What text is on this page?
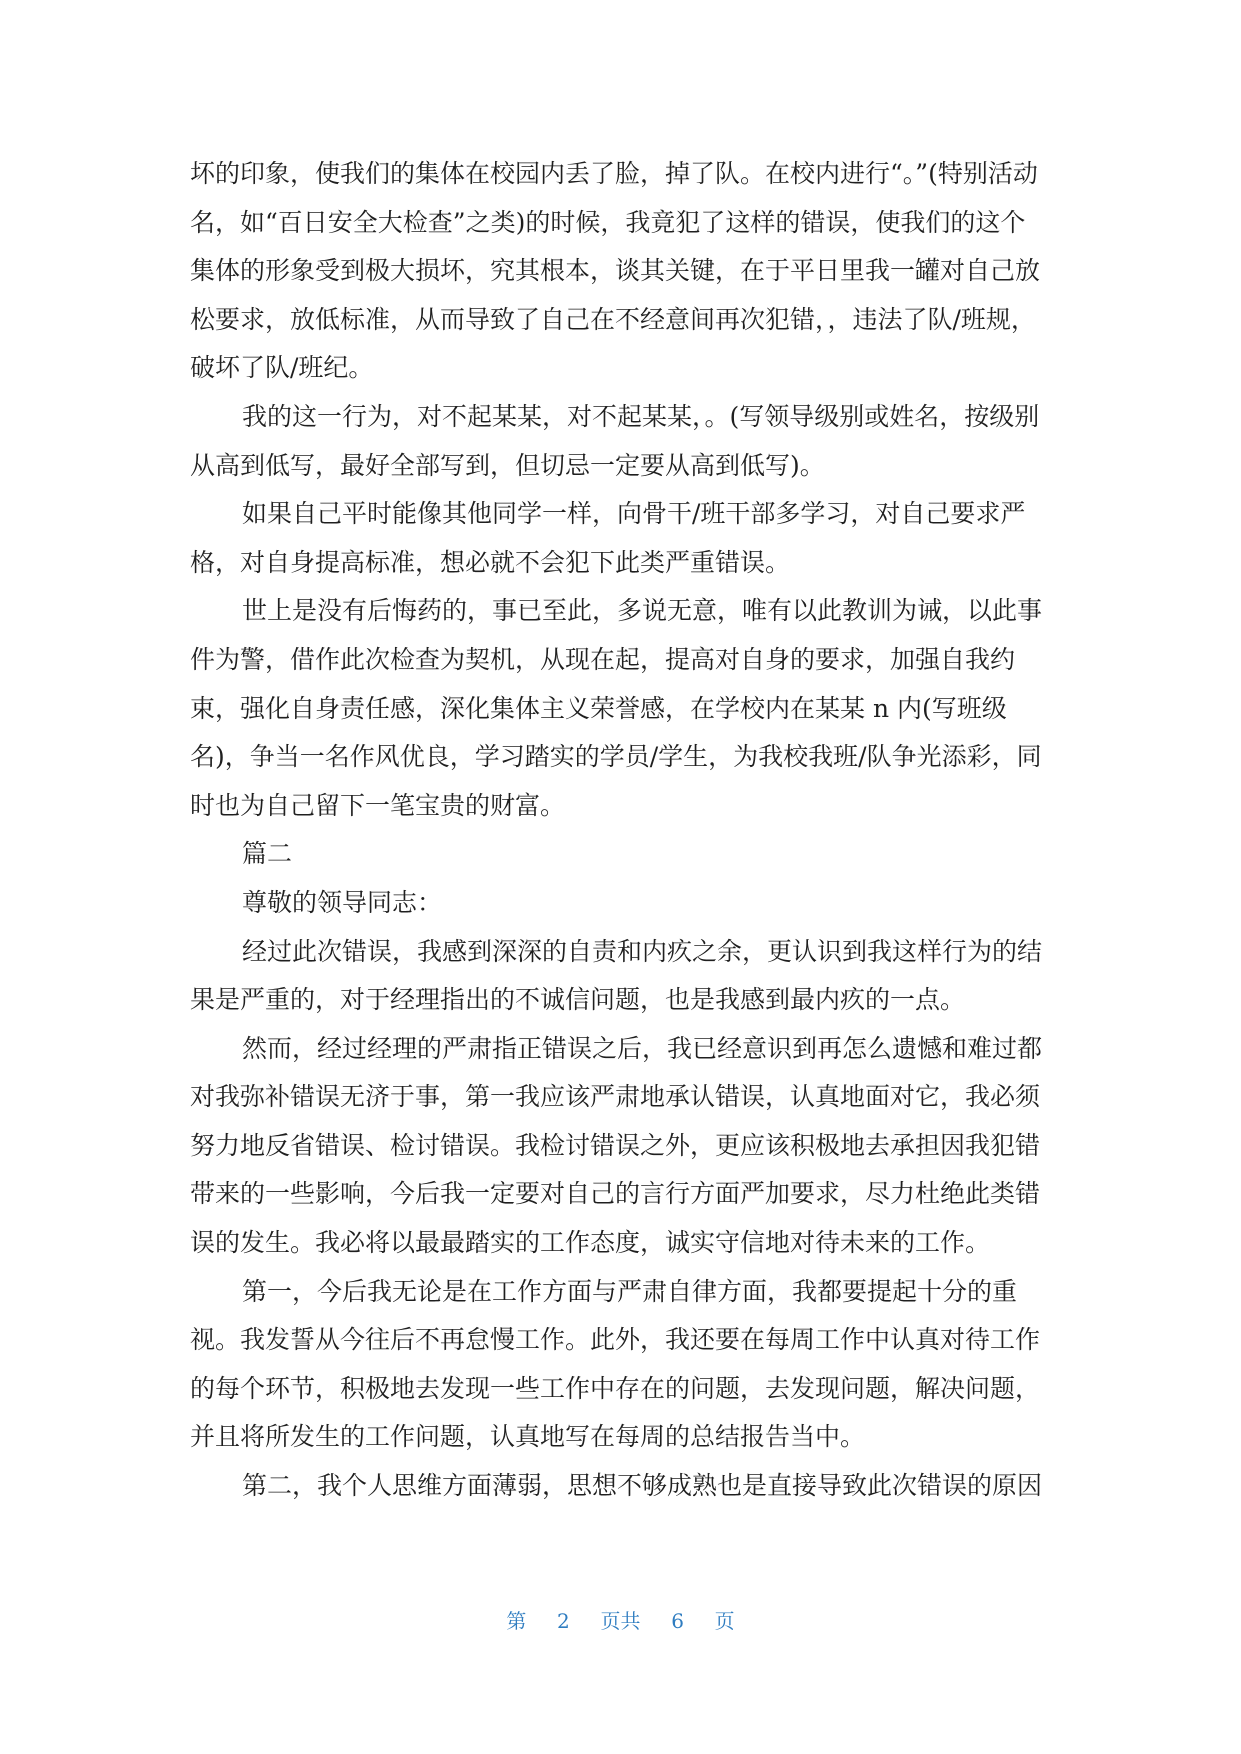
坏的印象，使我们的集体在校园内丢了脸，掉了队。在校内进行“。”(特别活动名，如“百日安全大检查”之类)的时候，我竟犯了这样的错误，使我们的这个集体的形象受到极大损坏，究其根本，谈其关键，在于平日里我一罐对自己放松要求，放低标准，从而导致了自己在不经意间再次犯错，，违法了队/班规，破坏了队/班纪。

我的这一行为，对不起某某，对不起某某，。(写领导级别或姓名，按级别从高到低写，最好全部写到，但切忌一定要从高到低写)。

如果自己平时能像其他同学一样，向骨干/班干部多学习，对自己要求严格，对自身提高标准，想必就不会犯下此类严重错误。

世上是没有后悔药的，事已至此，多说无意，唯有以此教训为诫，以此事件为警，借作此次检查为契机，从现在起，提高对自身的要求，加强自我约束，强化自身责任感，深化集体主义荣誉感，在学校内在某某 n 内(写班级名)，争当一名作风优良，学习踏实的学员/学生，为我校我班/队争光添彩，同时也为自己留下一笔宝贵的财富。

篇二

尊敬的领导同志：

经过此次错误，我感到深深的自责和内疚之余，更认识到我这样行为的结果是严重的，对于经理指出的不诚信问题，也是我感到最内疚的一点。

然而，经过经理的严肃指正错误之后，我已经意识到再怎么遗憾和难过都对我弥补错误无济于事，第一我应该严肃地承认错误，认真地面对它，我必须努力地反省错误、检讨错误。我检讨错误之外，更应该积极地去承担因我犯错带来的一些影响，今后我一定要对自己的言行方面严加要求，尽力杜绝此类错误的发生。我必将以最最踏实的工作态度，诚实守信地对待未来的工作。

第一，今后我无论是在工作方面与严肃自律方面，我都要提起十分的重视。我发誓从今往后不再怠慢工作。此外，我还要在每周工作中认真对待工作的每个环节，积极地去发现一些工作中存在的问题，去发现问题，解决问题，并且将所发生的工作问题，认真地写在每周的总结报告当中。

第二，我个人思维方面薄弱，思想不够成熟也是直接导致此次错误的原因

第 2 页共 6 页
